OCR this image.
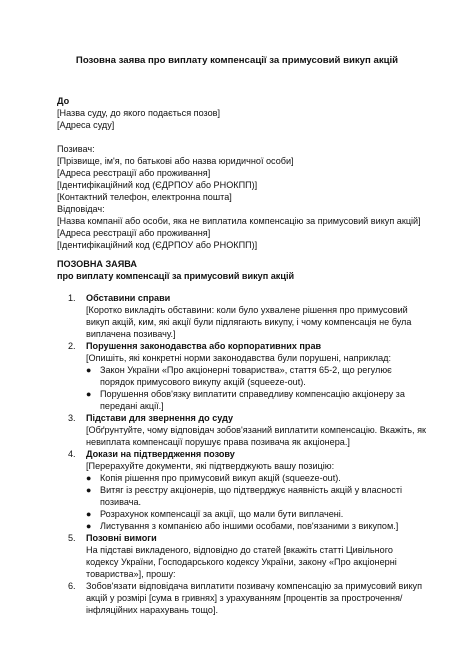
Позовна заява про виплату компенсації за примусовий викуп акцій
До
[Назва суду, до якого подається позов]
[Адреса суду]
Позивач:
[Прізвище, ім'я, по батькові або назва юридичної особи]
[Адреса реєстрації або проживання]
[Ідентифікаційний код (ЄДРПОУ або РНОКПП)]
[Контактний телефон, електронна пошта]
Відповідач:
[Назва компанії або особи, яка не виплатила компенсацію за примусовий викуп акцій]
[Адреса реєстрації або проживання]
[Ідентифікаційний код (ЄДРПОУ або РНОКПП)]
ПОЗОВНА ЗАЯВА
про виплату компенсації за примусовий викуп акцій
1. Обставини справи
[Коротко викладіть обставини: коли було ухвалене рішення про примусовий викуп акцій, ким, які акції були підлягають викупу, і чому компенсація не була виплачена позивачу.]
2. Порушення законодавства або корпоративних прав
[Опишіть, які конкретні норми законодавства були порушені, наприклад:
● Закон України «Про акціонерні товариства», стаття 65-2, що регулює порядок примусового викупу акцій (squeeze-out).
● Порушення обов'язку виплатити справедливу компенсацію акціонеру за передані акції.]
3. Підстави для звернення до суду
[Обґрунтуйте, чому відповідач зобов'язаний виплатити компенсацію. Вкажіть, як невиплата компенсації порушує права позивача як акціонера.]
4. Докази на підтвердження позову
[Перерахуйте документи, які підтверджують вашу позицію:
● Копія рішення про примусовий викуп акцій (squeeze-out).
● Витяг із реєстру акціонерів, що підтверджує наявність акцій у власності позивача.
● Розрахунок компенсації за акції, що мали бути виплачені.
● Листування з компанією або іншими особами, пов'язаними з викупом.]
5. Позовні вимоги
На підставі викладеного, відповідно до статей [вкажіть статті Цивільного кодексу України, Господарського кодексу України, закону «Про акціонерні товариства»], прошу:
6. Зобов'язати відповідача виплатити позивачу компенсацію за примусовий викуп акцій у розмірі [сума в гривнях] з урахуванням [процентів за прострочення/інфляційних нарахувань тощо].
